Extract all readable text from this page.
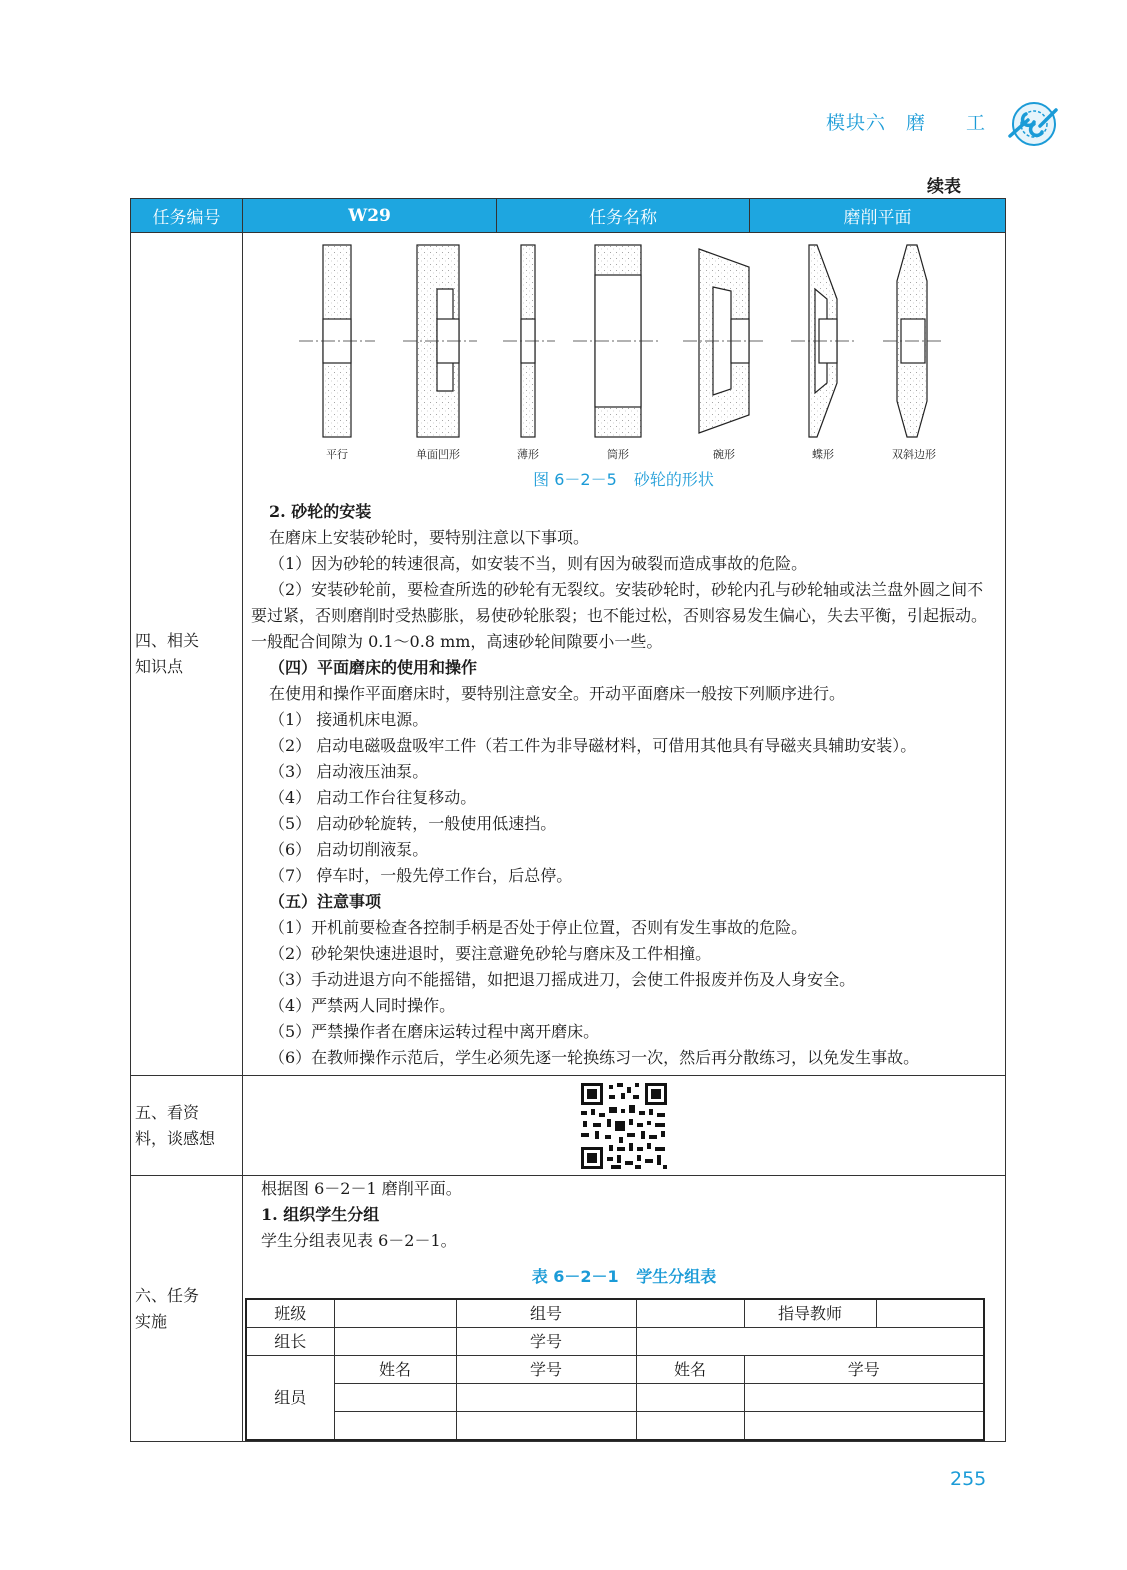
模块六　磨　　工
续表
任务编号	W29	任务名称	磨削平面

四、相关
知识点

平行	单面凹形	薄形	筒形	碗形	蝶形	双斜边形
图 6－2－5 砂轮的形状

2. 砂轮的安装

在磨床上安装砂轮时，要特别注意以下事项。

（1）因为砂轮的转速很高，如安装不当，则有因为破裂而造成事故的危险。

（2）安装砂轮前，要检查所选的砂轮有无裂纹。安装砂轮时，砂轮内孔与砂轮轴或法兰盘外圆之间不要过紧，否则磨削时受热膨胀，易使砂轮胀裂；也不能过松，否则容易发生偏心，失去平衡，引起振动。一般配合间隙为 0.1～0.8 mm，高速砂轮间隙要小一些。

（四）平面磨床的使用和操作

在使用和操作平面磨床时，要特别注意安全。开动平面磨床一般按下列顺序进行。

（1） 接通机床电源。

（2） 启动电磁吸盘吸牢工件（若工件为非导磁材料，可借用其他具有导磁夹具辅助安装）。

（3） 启动液压油泵。

（4） 启动工作台往复移动。

（5） 启动砂轮旋转，一般使用低速挡。

（6） 启动切削液泵。

（7） 停车时，一般先停工作台，后总停。

（五）注意事项

（1）开机前要检查各控制手柄是否处于停止位置，否则有发生事故的危险。

（2）砂轮架快速进退时，要注意避免砂轮与磨床及工件相撞。

（3）手动进退方向不能摇错，如把退刀摇成进刀，会使工件报废并伤及人身安全。

（4）严禁两人同时操作。

（5）严禁操作者在磨床运转过程中离开磨床。

（6）在教师操作示范后，学生必须先逐一轮换练习一次，然后再分散练习，以免发生事故。

五、看资
料，谈感想

六、任务
实施

根据图 6－2－1 磨削平面。

1. 组织学生分组

学生分组表见表 6－2－1。

表 6－2－1 学生分组表
班级		组号		指导教师	
组长		学号	
组员	姓名	学号	姓名	学号

255
